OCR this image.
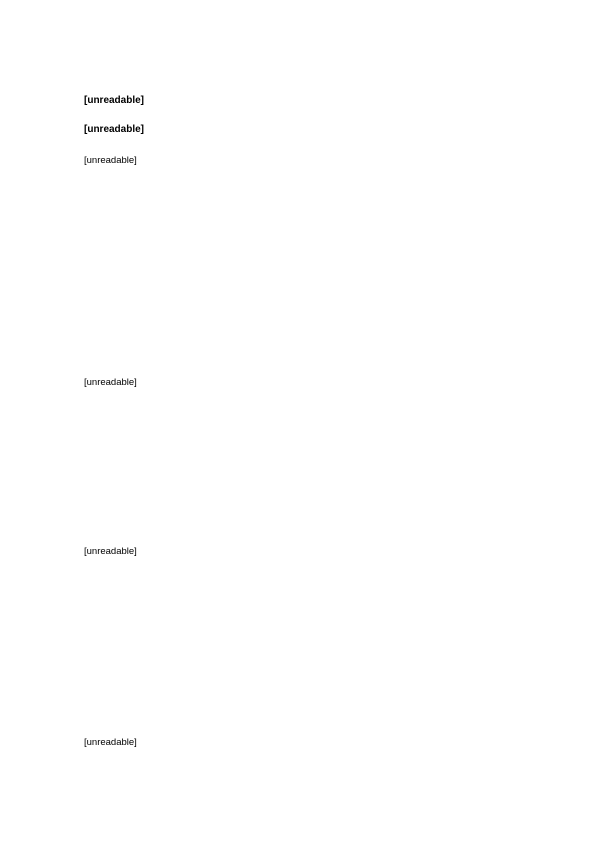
[unreadable]
[unreadable]

[unreadable]

[unreadable]

[unreadable]

[unreadable]
